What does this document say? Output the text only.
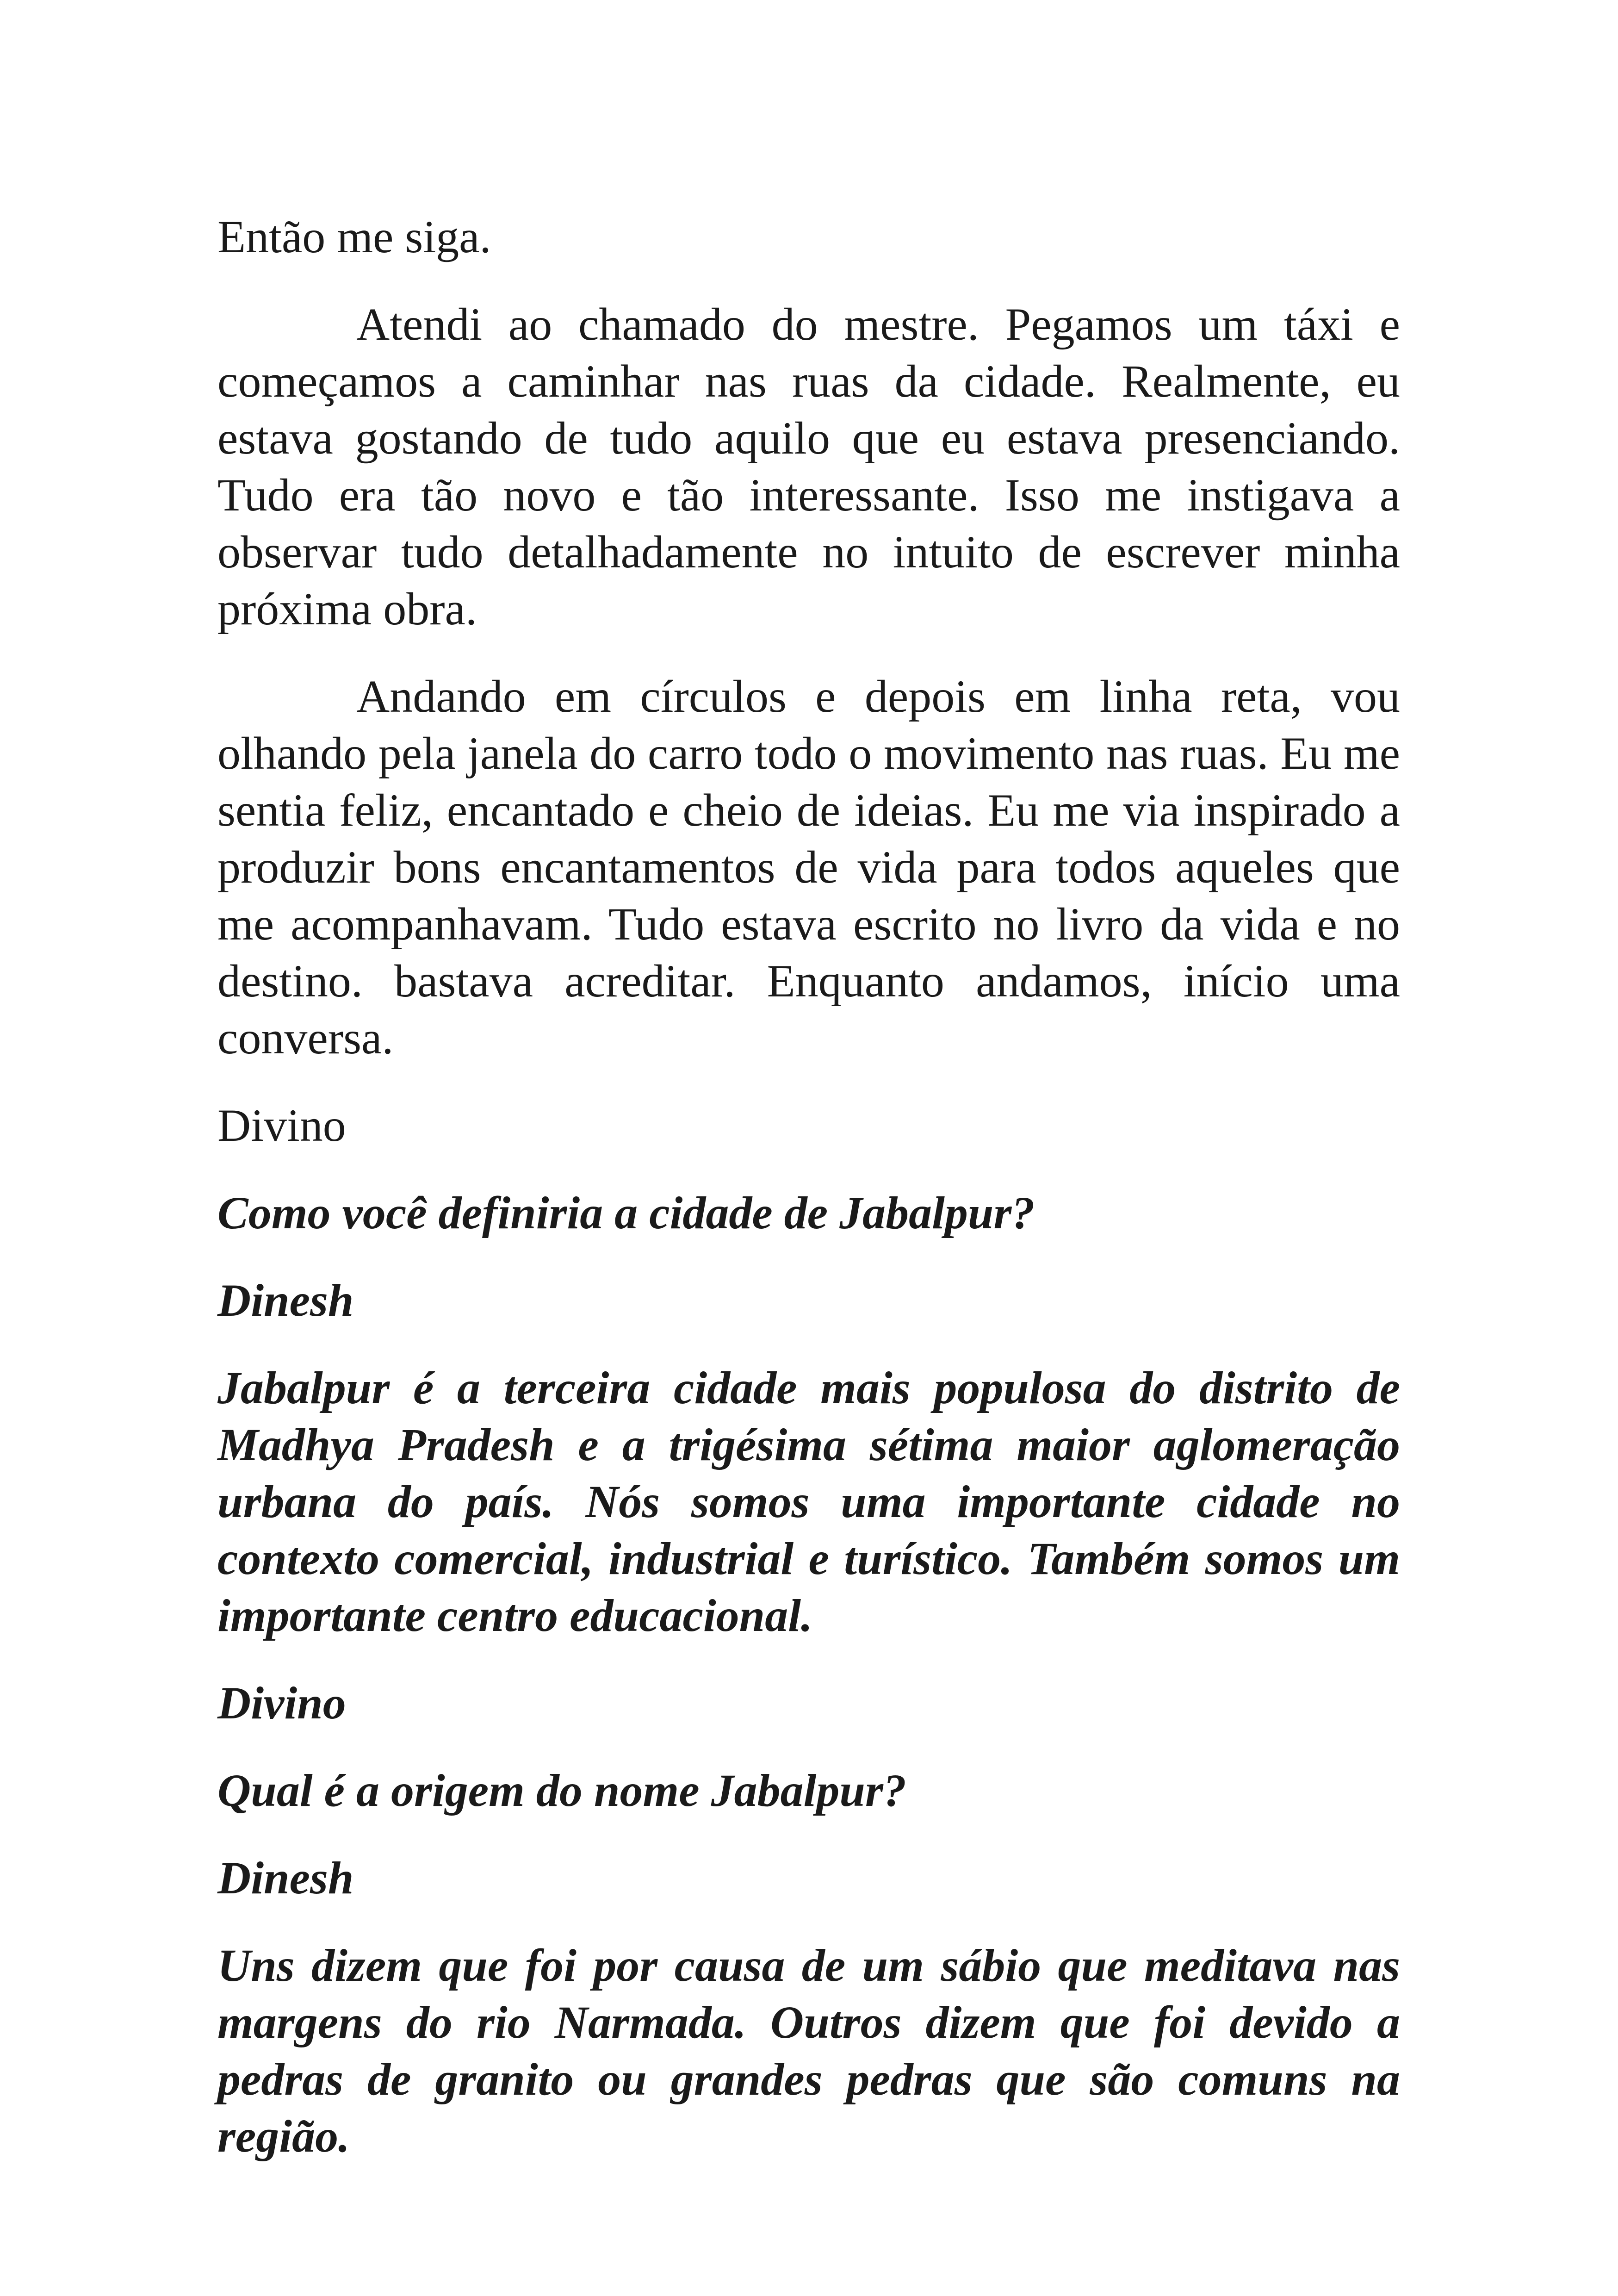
Então me siga.

Atendi ao chamado do mestre. Pegamos um táxi e começamos a caminhar nas ruas da cidade. Realmente, eu estava gostando de tudo aquilo que eu estava presenciando. Tudo era tão novo e tão interessante. Isso me instigava a observar tudo detalhadamente no intuito de escrever minha próxima obra.

Andando em círculos e depois em linha reta, vou olhando pela janela do carro todo o movimento nas ruas. Eu me sentia feliz, encantado e cheio de ideias. Eu me via inspirado a produzir bons encantamentos de vida para todos aqueles que me acompanhavam. Tudo estava escrito no livro da vida e no destino. bastava acreditar. Enquanto andamos, início uma conversa.

Divino

Como você definiria a cidade de Jabalpur?

Dinesh

Jabalpur é a terceira cidade mais populosa do distrito de Madhya Pradesh e a trigésima sétima maior aglomeração urbana do país. Nós somos uma importante cidade no contexto comercial, industrial e turístico. Também somos um importante centro educacional.

Divino

Qual é a origem do nome Jabalpur?

Dinesh

Uns dizem que foi por causa de um sábio que meditava nas margens do rio Narmada. Outros dizem que foi devido a pedras de granito ou grandes pedras que são comuns na região.
